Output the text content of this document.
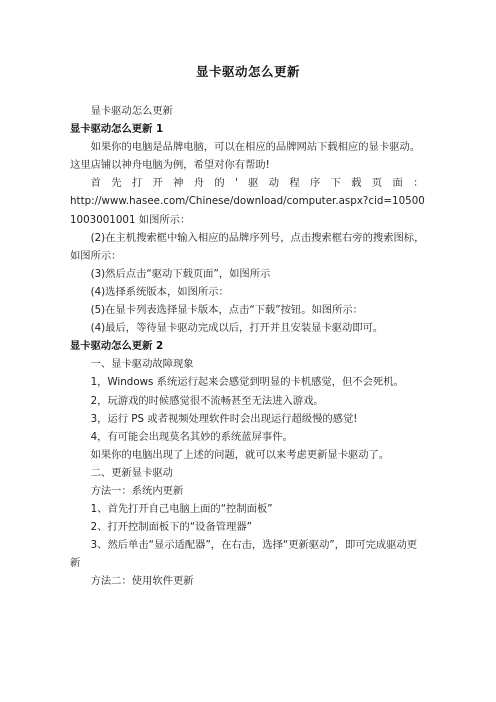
显卡驱动怎么更新

显卡驱动怎么更新

显卡驱动怎么更新 1

如果你的电脑是品牌电脑，可以在相应的品牌网站下载相应的显卡驱动。这里店铺以神舟电脑为例，希望对你有帮助!

首先打开神舟的'驱动程序下载页面：

http://www.hasee.com/Chinese/download/computer.aspx?cid=105001003001001 如图所示：

(2)在主机搜索框中输入相应的品牌序列号，点击搜索框右旁的搜索图标，如图所示：

(3)然后点击“驱动下载页面”，如图所示

(4)选择系统版本，如图所示：

(5)在显卡列表选择显卡版本，点击“下载”按钮。如图所示：

(4)最后，等待显卡驱动完成以后，打开并且安装显卡驱动即可。

显卡驱动怎么更新 2

一、显卡驱动故障现象

1，Windows 系统运行起来会感觉到明显的卡机感觉，但不会死机。

2，玩游戏的时候感觉很不流畅甚至无法进入游戏。

3，运行 PS 或者视频处理软件时会出现运行超级慢的感觉!

4，有可能会出现莫名其妙的系统蓝屏事件。

如果你的电脑出现了上述的问题，就可以来考虑更新显卡驱动了。

二、更新显卡驱动

方法一：系统内更新

1、首先打开自己电脑上面的“控制面板”

2、打开控制面板下的“设备管理器”

3、然后单击“显示适配器”，在右击，选择“更新驱动”，即可完成驱动更新

方法二：使用软件更新
